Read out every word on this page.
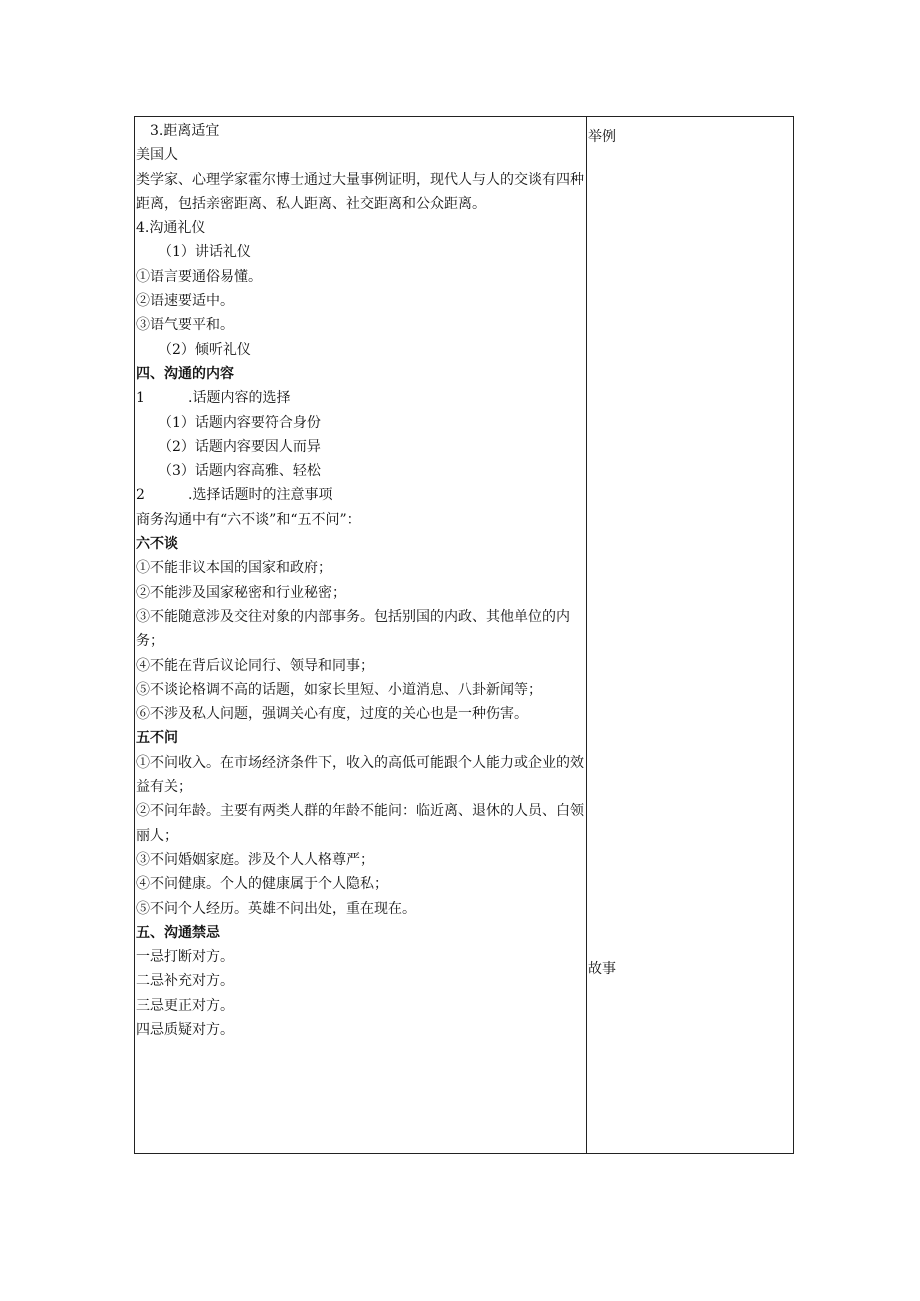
3.距离适宜
美国人
类学家、心理学家霍尔博士通过大量事例证明，现代人与人的交谈有四种距离，包括亲密距离、私人距离、社交距离和公众距离。
4.沟通礼仪
（1）讲话礼仪
①语言要通俗易懂。
②语速要适中。
③语气要平和。
（2）倾听礼仪
四、沟通的内容
1	.话题内容的选择
（1）话题内容要符合身份
（2）话题内容要因人而异
（3）话题内容高雅、轻松
2	.选择话题时的注意事项
商务沟通中有“六不谈”和“五不问”：
六不谈
①不能非议本国的国家和政府；
②不能涉及国家秘密和行业秘密；
③不能随意涉及交往对象的内部事务。包括别国的内政、其他单位的内务；
④不能在背后议论同行、领导和同事；
⑤不谈论格调不高的话题，如家长里短、小道消息、八卦新闻等；
⑥不涉及私人问题，强调关心有度，过度的关心也是一种伤害。
五不问
①不问收入。在市场经济条件下，收入的高低可能跟个人能力或企业的效益有关；
②不问年龄。主要有两类人群的年龄不能问：临近离、退休的人员、白领丽人；
③不问婚姻家庭。涉及个人人格尊严；
④不问健康。个人的健康属于个人隐私；
⑤不问个人经历。英雄不问出处，重在现在。
五、沟通禁忌
一忌打断对方。
二忌补充对方。
三忌更正对方。
四忌质疑对方。
举例
故事
